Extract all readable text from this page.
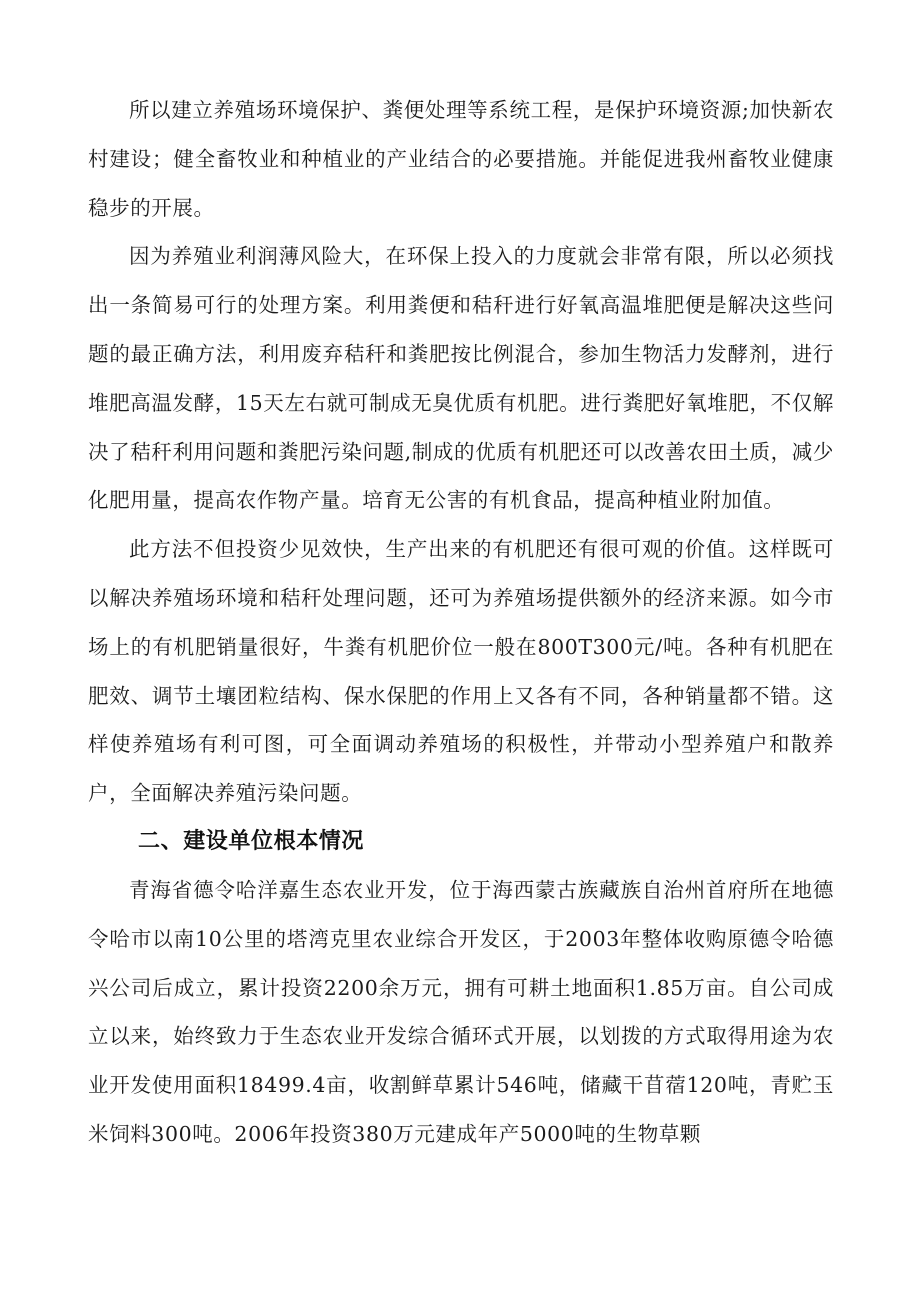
所以建立养殖场环境保护、粪便处理等系统工程，是保护环境资源;加快新农村建设；健全畜牧业和种植业的产业结合的必要措施。并能促进我州畜牧业健康稳步的开展。

因为养殖业利润薄风险大，在环保上投入的力度就会非常有限，所以必须找出一条简易可行的处理方案。利用粪便和秸秆进行好氧高温堆肥便是解决这些问题的最正确方法，利用废弃秸秆和粪肥按比例混合，参加生物活力发酵剂，进行堆肥高温发酵，15天左右就可制成无臭优质有机肥。进行粪肥好氧堆肥，不仅解决了秸秆利用问题和粪肥污染问题,制成的优质有机肥还可以改善农田土质，减少化肥用量，提高农作物产量。培育无公害的有机食品，提高种植业附加值。

此方法不但投资少见效快，生产出来的有机肥还有很可观的价值。这样既可以解决养殖场环境和秸秆处理问题，还可为养殖场提供额外的经济来源。如今市场上的有机肥销量很好，牛粪有机肥价位一般在800T300元/吨。各种有机肥在肥效、调节土壤团粒结构、保水保肥的作用上又各有不同，各种销量都不错。这样使养殖场有利可图，可全面调动养殖场的积极性，并带动小型养殖户和散养户，全面解决养殖污染问题。

二、建设单位根本情况

青海省德令哈洋嘉生态农业开发，位于海西蒙古族藏族自治州首府所在地德令哈市以南10公里的塔湾克里农业综合开发区，于2003年整体收购原德令哈德兴公司后成立，累计投资2200余万元，拥有可耕土地面积1.85万亩。自公司成立以来，始终致力于生态农业开发综合循环式开展，以划拨的方式取得用途为农业开发使用面积18499.4亩，收割鲜草累计546吨，储藏干苜蓿120吨，青贮玉米饲料300吨。2006年投资380万元建成年产5000吨的生物草颗
